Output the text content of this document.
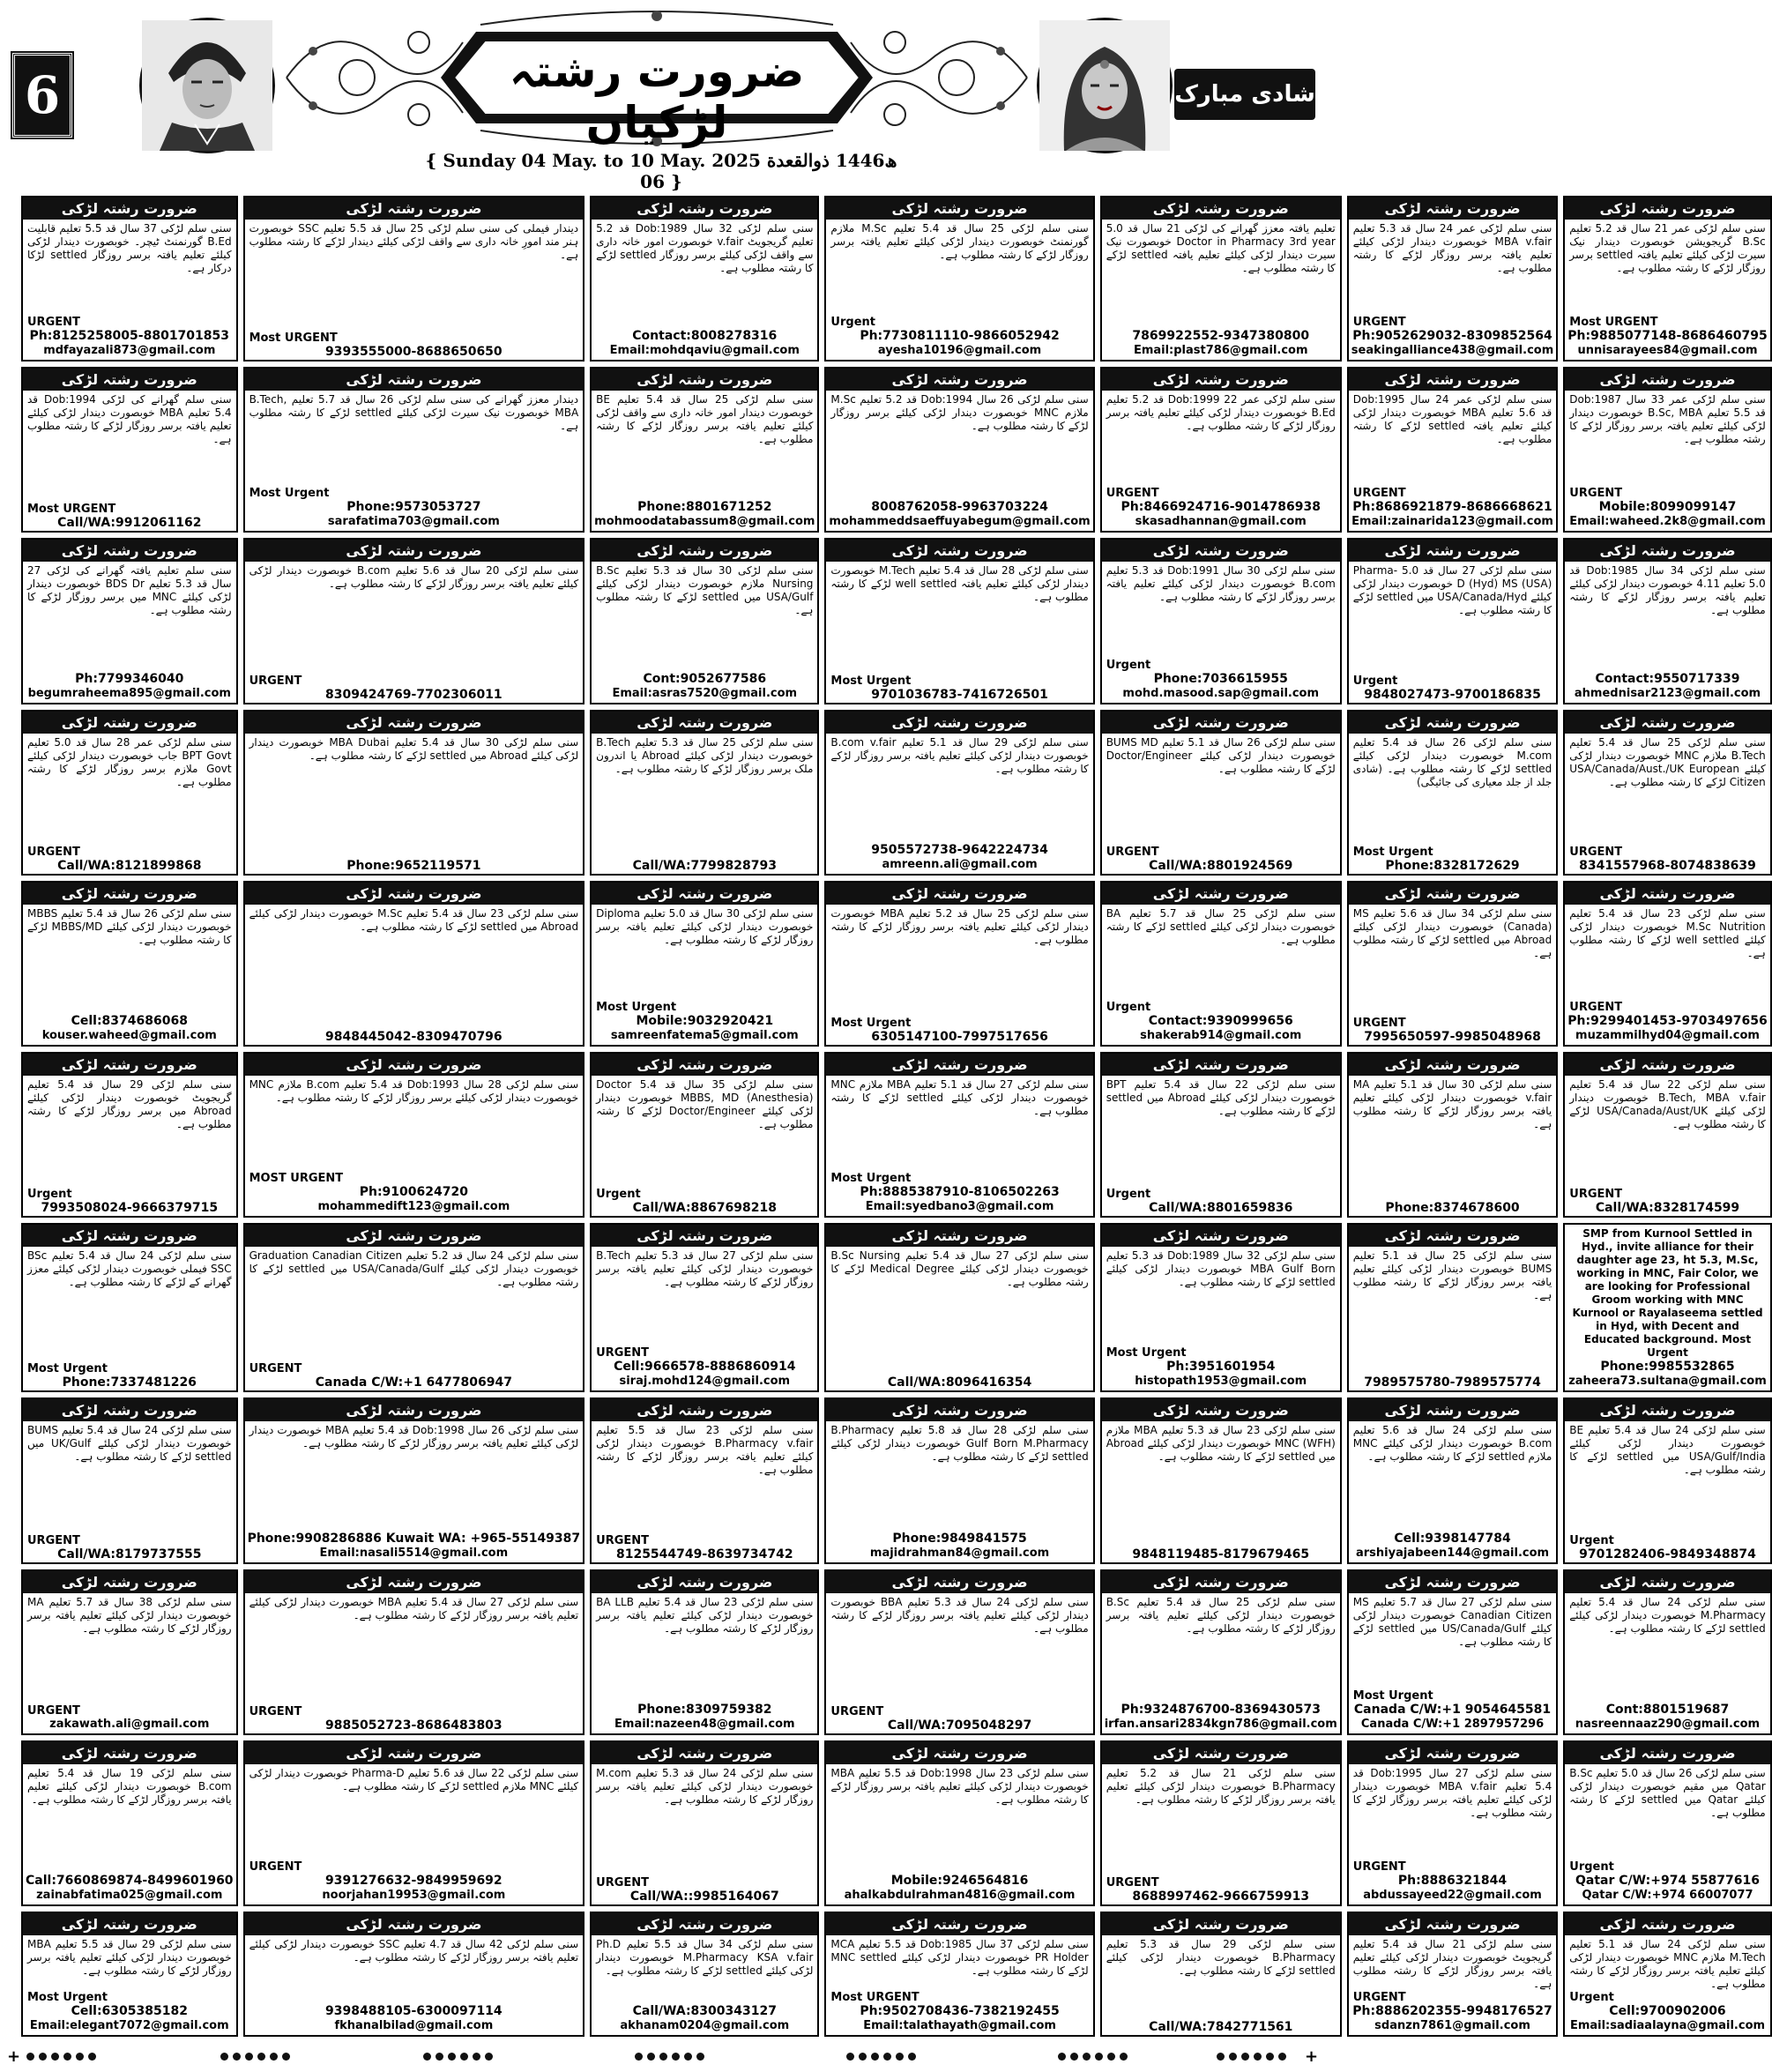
6	ضرورت رشتہ لڑکیاں
شادی مبارک
{ Sunday 04 May. to 10 May. 2025 ﮪ1446 ذوالقعدة 06 }
ضرورت رشتہ لڑکی
سنی سلم لڑکی 37 سال قد 5.5 تعلیم قابلیت B.Ed گورنمنٹ ٹیچر۔ خوبصورت دیندار لڑکی کیلئے تعلیم یافتہ برسر روزگار settled لڑکا درکار ہے۔
URGENT
Ph:8125258005-8801701853
mdfayazali873@gmail.com
ضرورت رشتہ لڑکی
دیندار فیملی کی سنی سلم لڑکی 25 سال قد 5.5 تعلیم SSC خوبصورت ہنر مند امورِ خانہ داری سے واقف لڑکی کیلئے دیندار لڑکے کا رشتہ مطلوب ہے۔
Most URGENT
9393555000-8688650650
ضرورت رشتہ لڑکی
سنی سلم لڑکی 32 سال Dob:1989 قد 5.2 تعلیم گریجویٹ v.fair خوبصورت امور خانہ داری سے واقف لڑکی کیلئے برسر روزگار settled لڑکے کا رشتہ مطلوب ہے۔
Contact:8008278316
Email:mohdqaviu@gmail.com
ضرورت رشتہ لڑکی
سنی سلم لڑکی 25 سال قد 5.4 تعلیم M.Sc ملازم گورنمنٹ خوبصورت دیندار لڑکی کیلئے تعلیم یافتہ برسر روزگار لڑکے کا رشتہ مطلوب ہے۔
Urgent
Ph:7730811110-9866052942
ayesha10196@gmail.com
ضرورت رشتہ لڑکی
تعلیم یافتہ معزز گھرانے کی لڑکی 21 سال قد 5.0 Doctor in Pharmacy 3rd year خوبصورت نیک سیرت دیندار لڑکی کیلئے تعلیم یافتہ settled لڑکے کا رشتہ مطلوب ہے۔
7869922552-9347380800
Email:plast786@gmail.com
ضرورت رشتہ لڑکی
سنی سلم لڑکی عمر 24 سال قد 5.3 تعلیم MBA v.fair خوبصورت دیندار لڑکی کیلئے تعلیم یافتہ برسر روزگار لڑکے کا رشتہ مطلوب ہے۔
URGENT
Ph:9052629032-8309852564
seakingalliance438@gmail.com
ضرورت رشتہ لڑکی
سنی سلم لڑکی عمر 21 سال قد 5.2 تعلیم B.Sc گریجویشن خوبصورت دیندار نیک سیرت لڑکی کیلئے تعلیم یافتہ settled برسر روزگار لڑکے کا رشتہ مطلوب ہے۔
Most URGENT
Ph:9885077148-8686460795
unnisarayees84@gmail.com
ضرورت رشتہ لڑکی
سنی سلم گھرانے کی لڑکی Dob:1994 قد 5.4 تعلیم MBA خوبصورت دیندار لڑکی کیلئے تعلیم یافتہ برسر روزگار لڑکے کا رشتہ مطلوب ہے۔
Most URGENT
Call/WA:9912061162
ضرورت رشتہ لڑکی
دیندار معزز گھرانے کی سنی سلم لڑکی 26 سال قد 5.7 تعلیم B.Tech, MBA خوبصورت نیک سیرت لڑکی کیلئے settled لڑکے کا رشتہ مطلوب ہے۔
Most Urgent
Phone:9573053727
sarafatima703@gmail.com
ضرورت رشتہ لڑکی
سنی سلم لڑکی 25 سال قد 5.4 تعلیم BE خوبصورت دیندار امور خانہ داری سے واقف لڑکی کیلئے تعلیم یافتہ برسر روزگار لڑکے کا رشتہ مطلوب ہے۔
Phone:8801671252
mohmoodatabassum8@gmail.com
ضرورت رشتہ لڑکی
سنی سلم لڑکی 26 سال Dob:1994 قد 5.2 تعلیم M.Sc ملازم MNC خوبصورت دیندار لڑکی کیلئے برسر روزگار لڑکے کا رشتہ مطلوب ہے۔
8008762058-9963703224
mohammeddsaeffuyabegum@gmail.com
ضرورت رشتہ لڑکی
سنی سلم لڑکی عمر 22 Dob:1999 قد 5.2 تعلیم B.Ed خوبصورت دیندار لڑکی کیلئے تعلیم یافتہ برسر روزگار لڑکے کا رشتہ مطلوب ہے۔
URGENT
Ph:8466924716-9014786938
skasadhannan@gmail.com
ضرورت رشتہ لڑکی
سنی سلم لڑکی عمر 24 سال Dob:1995 قد 5.6 تعلیم MBA خوبصورت دیندار لڑکی کیلئے تعلیم یافتہ settled لڑکے کا رشتہ مطلوب ہے۔
URGENT
Ph:8686921879-8686668621
Email:zainarida123@gmail.com
ضرورت رشتہ لڑکی
سنی سلم لڑکی عمر 33 سال Dob:1987 قد 5.5 تعلیم B.Sc, MBA خوبصورت دیندار لڑکی کیلئے تعلیم یافتہ برسر روزگار لڑکے کا رشتہ مطلوب ہے۔
URGENT
Mobile:8099099147
Email:waheed.2k8@gmail.com
ضرورت رشتہ لڑکی
سنی سلم تعلیم یافتہ گھرانے کی لڑکی 27 سال قد 5.3 تعلیم BDS Dr خوبصورت دیندار لڑکی کیلئے MNC میں برسر روزگار لڑکے کا رشتہ مطلوب ہے۔
Ph:7799346040
begumraheema895@gmail.com
ضرورت رشتہ لڑکی
سنی سلم لڑکی 20 سال قد 5.6 تعلیم B.com خوبصورت دیندار لڑکی کیلئے تعلیم یافتہ برسر روزگار لڑکے کا رشتہ مطلوب ہے۔
URGENT
8309424769-7702306011
ضرورت رشتہ لڑکی
سنی سلم لڑکی 30 سال قد 5.3 تعلیم B.Sc Nursing ملازم خوبصورت دیندار لڑکی کیلئے USA/Gulf میں settled لڑکے کا رشتہ مطلوب ہے۔
Cont:9052677586
Email:asras7520@gmail.com
ضرورت رشتہ لڑکی
سنی سلم لڑکی 28 سال قد 5.4 تعلیم M.Tech خوبصورت دیندار لڑکی کیلئے تعلیم یافتہ well settled لڑکے کا رشتہ مطلوب ہے۔
Most Urgent
9701036783-7416726501
ضرورت رشتہ لڑکی
سنی سلم لڑکی 30 سال Dob:1991 قد 5.3 تعلیم B.com خوبصورت دیندار لڑکی کیلئے تعلیم یافتہ برسر روزگار لڑکے کا رشتہ مطلوب ہے۔
Urgent
Phone:7036615955
mohd.masood.sap@gmail.com
ضرورت رشتہ لڑکی
سنی سلم لڑکی 27 سال قد 5.0 Pharma-D (Hyd) MS (USA) خوبصورت دیندار لڑکی کیلئے USA/Canada/Hyd میں settled لڑکے کا رشتہ مطلوب ہے۔
Urgent
9848027473-9700186835
ضرورت رشتہ لڑکی
سنی سلم لڑکی 34 سال Dob:1985 قد 5.0 تعلیم 4.11 خوبصورت دیندار لڑکی کیلئے تعلیم یافتہ برسر روزگار لڑکے کا رشتہ مطلوب ہے۔
Contact:9550717339
ahmednisar2123@gmail.com
ضرورت رشتہ لڑکی
سنی سلم لڑکی عمر 28 سال قد 5.0 تعلیم BPT Govt جاب خوبصورت دیندار لڑکی کیلئے Govt ملازم برسر روزگار لڑکے کا رشتہ مطلوب ہے۔
URGENT
Call/WA:8121899868
ضرورت رشتہ لڑکی
سنی سلم لڑکی 30 سال قد 5.4 تعلیم MBA Dubai خوبصورت دیندار لڑکی کیلئے Abroad میں settled لڑکے کا رشتہ مطلوب ہے۔
Phone:9652119571
ضرورت رشتہ لڑکی
سنی سلم لڑکی 25 سال قد 5.3 تعلیم B.Tech خوبصورت دیندار لڑکی کیلئے Abroad یا اندرون ملک برسر روزگار لڑکے کا رشتہ مطلوب ہے۔
Call/WA:7799828793
ضرورت رشتہ لڑکی
سنی سلم لڑکی 29 سال قد 5.1 تعلیم B.com v.fair خوبصورت دیندار لڑکی کیلئے تعلیم یافتہ برسر روزگار لڑکے کا رشتہ مطلوب ہے۔
9505572738-9642224734
amreenn.ali@gmail.com
ضرورت رشتہ لڑکی
سنی سلم لڑکی 26 سال قد 5.1 تعلیم BUMS MD خوبصورت دیندار لڑکی کیلئے Doctor/Engineer لڑکے کا رشتہ مطلوب ہے۔
URGENT
Call/WA:8801924569
ضرورت رشتہ لڑکی
سنی سلم لڑکی 26 سال قد 5.4 تعلیم M.com خوبصورت دیندار لڑکی کیلئے settled لڑکے کا رشتہ مطلوب ہے۔ (شادی جلد از جلد معیاری کی جائیگی)
Most Urgent
Phone:8328172629
ضرورت رشتہ لڑکی
سنی سلم لڑکی 25 سال قد 5.4 تعلیم B.Tech ملازم MNC خوبصورت دیندار لڑکی کیلئے USA/Canada/Aust./UK European Citizen لڑکے کا رشتہ مطلوب ہے۔
URGENT
8341557968-8074838639
ضرورت رشتہ لڑکی
سنی سلم لڑکی 26 سال قد 5.4 تعلیم MBBS خوبصورت دیندار لڑکی کیلئے MBBS/MD لڑکے کا رشتہ مطلوب ہے۔
Cell:8374686068
kouser.waheed@gmail.com
ضرورت رشتہ لڑکی
سنی سلم لڑکی 23 سال قد 5.4 تعلیم M.Sc خوبصورت دیندار لڑکی کیلئے Abroad میں settled لڑکے کا رشتہ مطلوب ہے۔
9848445042-8309470796
ضرورت رشتہ لڑکی
سنی سلم لڑکی 30 سال قد 5.0 تعلیم Diploma خوبصورت دیندار لڑکی کیلئے تعلیم یافتہ برسر روزگار لڑکے کا رشتہ مطلوب ہے۔
Most Urgent
Mobile:9032920421
samreenfatema5@gmail.com
ضرورت رشتہ لڑکی
سنی سلم لڑکی 25 سال قد 5.2 تعلیم MBA خوبصورت دیندار لڑکی کیلئے تعلیم یافتہ برسر روزگار لڑکے کا رشتہ مطلوب ہے۔
Most Urgent
6305147100-7997517656
ضرورت رشتہ لڑکی
سنی سلم لڑکی 25 سال قد 5.7 تعلیم BA خوبصورت دیندار لڑکی کیلئے settled لڑکے کا رشتہ مطلوب ہے۔
Urgent
Contact:9390999656
shakerab914@gmail.com
ضرورت رشتہ لڑکی
سنی سلم لڑکی 34 سال قد 5.6 تعلیم MS (Canada) خوبصورت دیندار لڑکی کیلئے Abroad میں settled لڑکے کا رشتہ مطلوب ہے۔
URGENT
7995650597-9985048968
ضرورت رشتہ لڑکی
سنی سلم لڑکی 23 سال قد 5.4 تعلیم M.Sc Nutrition خوبصورت دیندار لڑکی کیلئے well settled لڑکے کا رشتہ مطلوب ہے۔
URGENT
Ph:9299401453-9703497656
muzammilhyd04@gmail.com
ضرورت رشتہ لڑکی
سنی سلم لڑکی 29 سال قد 5.4 تعلیم گریجویٹ خوبصورت دیندار لڑکی کیلئے Abroad میں برسر روزگار لڑکے کا رشتہ مطلوب ہے۔
Urgent
7993508024-9666379715
ضرورت رشتہ لڑکی
سنی سلم لڑکی 28 سال Dob:1993 قد 5.4 تعلیم B.com ملازم MNC خوبصورت دیندار لڑکی کیلئے برسر روزگار لڑکے کا رشتہ مطلوب ہے۔
MOST URGENT
Ph:9100624720
mohammedift123@gmail.com
ضرورت رشتہ لڑکی
سنی سلم لڑکی 35 سال قد 5.4 Doctor MBBS, MD (Anesthesia) خوبصورت دیندار لڑکی کیلئے Doctor/Engineer لڑکے کا رشتہ مطلوب ہے۔
Urgent
Call/WA:8867698218
ضرورت رشتہ لڑکی
سنی سلم لڑکی 27 سال قد 5.1 تعلیم MBA ملازم MNC خوبصورت دیندار لڑکی کیلئے settled لڑکے کا رشتہ مطلوب ہے۔
Most Urgent
Ph:8885387910-8106502263
Email:syedbano3@gmail.com
ضرورت رشتہ لڑکی
سنی سلم لڑکی 22 سال قد 5.4 تعلیم BPT خوبصورت دیندار لڑکی کیلئے Abroad میں settled لڑکے کا رشتہ مطلوب ہے۔
Urgent
Call/WA:8801659836
ضرورت رشتہ لڑکی
سنی سلم لڑکی 30 سال قد 5.1 تعلیم MA v.fair خوبصورت دیندار لڑکی کیلئے تعلیم یافتہ برسر روزگار لڑکے کا رشتہ مطلوب ہے۔
Phone:8374678600
ضرورت رشتہ لڑکی
سنی سلم لڑکی 22 سال قد 5.4 تعلیم B.Tech, MBA v.fair خوبصورت دیندار لڑکی کیلئے USA/Canada/Aust/UK لڑکے کا رشتہ مطلوب ہے۔
URGENT
Call/WA:8328174599
ضرورت رشتہ لڑکی
سنی سلم لڑکی 24 سال قد 5.4 تعلیم BSc SSC فیملی خوبصورت دیندار لڑکی کیلئے معزز گھرانے کے لڑکے کا رشتہ مطلوب ہے۔
Most Urgent
Phone:7337481226
ضرورت رشتہ لڑکی
سنی سلم لڑکی 24 سال قد 5.2 تعلیم Graduation Canadian Citizen خوبصورت دیندار لڑکی کیلئے USA/Canada/Gulf میں settled لڑکے کا رشتہ مطلوب ہے۔
URGENT
Canada C/W:+1 6477806947
ضرورت رشتہ لڑکی
سنی سلم لڑکی 27 سال قد 5.3 تعلیم B.Tech خوبصورت دیندار لڑکی کیلئے تعلیم یافتہ برسر روزگار لڑکے کا رشتہ مطلوب ہے۔
URGENT
Cell:9666578-8886860914
siraj.mohd124@gmail.com
ضرورت رشتہ لڑکی
سنی سلم لڑکی 27 سال قد 5.4 تعلیم B.Sc Nursing خوبصورت دیندار لڑکی کیلئے Medical Degree لڑکے کا رشتہ مطلوب ہے۔
Call/WA:8096416354
ضرورت رشتہ لڑکی
سنی سلم لڑکی 32 سال Dob:1989 قد 5.3 تعلیم MBA Gulf Born خوبصورت دیندار لڑکی کیلئے settled لڑکے کا رشتہ مطلوب ہے۔
Most Urgent
Ph:3951601954
histopath1953@gmail.com
ضرورت رشتہ لڑکی
سنی سلم لڑکی 25 سال قد 5.1 تعلیم BUMS خوبصورت دیندار لڑکی کیلئے تعلیم یافتہ برسر روزگار لڑکے کا رشتہ مطلوب ہے۔
7989575780-7989575774
SMP from Kurnool Settled in Hyd., invite alliance for their daughter age 23, ht 5.3, M.Sc, working in MNC, Fair Color, we are looking for Professional Groom working with MNC Kurnool or Rayalaseema settled in Hyd, with Decent and Educated background. Most Urgent
Phone:9985532865
zaheera73.sultana@gmail.com
ضرورت رشتہ لڑکی
سنی سلم لڑکی 24 سال قد 5.4 تعلیم BUMS خوبصورت دیندار لڑکی کیلئے UK/Gulf میں settled لڑکے کا رشتہ مطلوب ہے۔
URGENT
Call/WA:8179737555
ضرورت رشتہ لڑکی
سنی سلم لڑکی 26 سال Dob:1998 قد 5.4 تعلیم MBA خوبصورت دیندار لڑکی کیلئے تعلیم یافتہ برسر روزگار لڑکے کا رشتہ مطلوب ہے۔
Phone:9908286886 Kuwait WA: +965-55149387
Email:nasali5514@gmail.com
ضرورت رشتہ لڑکی
سنی سلم لڑکی 23 سال قد 5.5 تعلیم B.Pharmacy v.fair خوبصورت دیندار لڑکی کیلئے تعلیم یافتہ برسر روزگار لڑکے کا رشتہ مطلوب ہے۔
URGENT
8125544749-8639734742
ضرورت رشتہ لڑکی
سنی سلم لڑکی 28 سال قد 5.8 تعلیم B.Pharmacy Gulf Born M.Pharmacy خوبصورت دیندار لڑکی کیلئے settled لڑکے کا رشتہ مطلوب ہے۔
Phone:9849841575
majidrahman84@gmail.com
ضرورت رشتہ لڑکی
سنی سلم لڑکی 23 سال قد 5.3 تعلیم MBA ملازم MNC (WFH) خوبصورت دیندار لڑکی کیلئے Abroad میں settled لڑکے کا رشتہ مطلوب ہے۔
9848119485-8179679465
ضرورت رشتہ لڑکی
سنی سلم لڑکی 24 سال قد 5.6 تعلیم B.com خوبصورت دیندار لڑکی کیلئے MNC ملازم settled لڑکے کا رشتہ مطلوب ہے۔
Cell:9398147784
arshiyajabeen144@gmail.com
ضرورت رشتہ لڑکی
سنی سلم لڑکی 24 سال قد 5.4 تعلیم BE خوبصورت دیندار لڑکی کیلئے USA/Gulf/India میں settled لڑکے کا رشتہ مطلوب ہے۔
Urgent
9701282406-9849348874
ضرورت رشتہ لڑکی
سنی سلم لڑکی 38 سال قد 5.7 تعلیم MA خوبصورت دیندار لڑکی کیلئے تعلیم یافتہ برسر روزگار لڑکے کا رشتہ مطلوب ہے۔
URGENT
zakawath.ali@gmail.com
ضرورت رشتہ لڑکی
سنی سلم لڑکی 27 سال قد 5.4 تعلیم MBA خوبصورت دیندار لڑکی کیلئے تعلیم یافتہ برسر روزگار لڑکے کا رشتہ مطلوب ہے۔
URGENT
9885052723-8686483803
ضرورت رشتہ لڑکی
سنی سلم لڑکی 23 سال قد 5.4 تعلیم BA LLB خوبصورت دیندار لڑکی کیلئے تعلیم یافتہ برسر روزگار لڑکے کا رشتہ مطلوب ہے۔
Phone:8309759382
Email:nazeen48@gmail.com
ضرورت رشتہ لڑکی
سنی سلم لڑکی 24 سال قد 5.3 تعلیم BBA خوبصورت دیندار لڑکی کیلئے تعلیم یافتہ برسر روزگار لڑکے کا رشتہ مطلوب ہے۔
URGENT
Call/WA:7095048297
ضرورت رشتہ لڑکی
سنی سلم لڑکی 25 سال قد 5.4 تعلیم B.Sc خوبصورت دیندار لڑکی کیلئے تعلیم یافتہ برسر روزگار لڑکے کا رشتہ مطلوب ہے۔
Ph:9324876700-8369430573
irfan.ansari2834kgn786@gmail.com
ضرورت رشتہ لڑکی
سنی سلم لڑکی 27 سال قد 5.7 تعلیم MS Canadian Citizen خوبصورت دیندار لڑکی کیلئے US/Canada/Gulf میں settled لڑکے کا رشتہ مطلوب ہے۔
Most Urgent
Canada C/W:+1 9054645581
Canada C/W:+1 2897957296
ضرورت رشتہ لڑکی
سنی سلم لڑکی 24 سال قد 5.4 تعلیم M.Pharmacy خوبصورت دیندار لڑکی کیلئے settled لڑکے کا رشتہ مطلوب ہے۔
Cont:8801519687
nasreennaaz290@gmail.com
ضرورت رشتہ لڑکی
سنی سلم لڑکی 19 سال قد 5.4 تعلیم B.com خوبصورت دیندار لڑکی کیلئے تعلیم یافتہ برسر روزگار لڑکے کا رشتہ مطلوب ہے۔
Call:7660869874-8499601960
zainabfatima025@gmail.com
ضرورت رشتہ لڑکی
سنی سلم لڑکی 22 سال قد 5.6 تعلیم Pharma-D خوبصورت دیندار لڑکی کیلئے MNC ملازم settled لڑکے کا رشتہ مطلوب ہے۔
URGENT
9391276632-9849959692
noorjahan19953@gmail.com
ضرورت رشتہ لڑکی
سنی سلم لڑکی 24 سال قد 5.3 تعلیم M.com خوبصورت دیندار لڑکی کیلئے تعلیم یافتہ برسر روزگار لڑکے کا رشتہ مطلوب ہے۔
URGENT
Call/WA::9985164067
ضرورت رشتہ لڑکی
سنی سلم لڑکی 23 سال Dob:1998 قد 5.5 تعلیم MBA خوبصورت دیندار لڑکی کیلئے تعلیم یافتہ برسر روزگار لڑکے کا رشتہ مطلوب ہے۔
Mobile:9246564816
ahalkabdulrahman4816@gmail.com
ضرورت رشتہ لڑکی
سنی سلم لڑکی 21 سال قد 5.2 تعلیم B.Pharmacy خوبصورت دیندار لڑکی کیلئے تعلیم یافتہ برسر روزگار لڑکے کا رشتہ مطلوب ہے۔
URGENT
8688997462-9666759913
ضرورت رشتہ لڑکی
سنی سلم لڑکی 27 سال Dob:1995 قد 5.4 تعلیم MBA v.fair خوبصورت دیندار لڑکی کیلئے تعلیم یافتہ برسر روزگار لڑکے کا رشتہ مطلوب ہے۔
URGENT
Ph:8886321844
abdussayeed22@gmail.com
ضرورت رشتہ لڑکی
سنی سلم لڑکی 26 سال قد 5.0 تعلیم B.Sc Qatar میں مقیم خوبصورت دیندار لڑکی کیلئے Qatar میں settled لڑکے کا رشتہ مطلوب ہے۔
Urgent
Qatar C/W:+974 55877616
Qatar C/W:+974 66007077
ضرورت رشتہ لڑکی
سنی سلم لڑکی 29 سال قد 5.5 تعلیم MBA خوبصورت دیندار لڑکی کیلئے تعلیم یافتہ برسر روزگار لڑکے کا رشتہ مطلوب ہے۔
Most Urgent
Cell:6305385182
Email:elegant7072@gmail.com
ضرورت رشتہ لڑکی
سنی سلم لڑکی 42 سال قد 4.7 تعلیم SSC خوبصورت دیندار لڑکی کیلئے تعلیم یافتہ برسر روزگار لڑکے کا رشتہ مطلوب ہے۔
9398488105-6300097114
fkhanalbilad@gmail.com
ضرورت رشتہ لڑکی
سنی سلم لڑکی 34 سال قد 5.5 تعلیم Ph.D M.Pharmacy KSA v.fair خوبصورت دیندار لڑکی کیلئے settled لڑکے کا رشتہ مطلوب ہے۔
Call/WA:8300343127
akhanam0204@gmail.com
ضرورت رشتہ لڑکی
سنی سلم لڑکی 37 سال Dob:1985 قد 5.5 تعلیم MCA PR Holder خوبصورت دیندار لڑکی کیلئے MNC settled لڑکے کا رشتہ مطلوب ہے۔
Most URGENT
Ph:9502708436-7382192455
Email:talathayath@gmail.com
ضرورت رشتہ لڑکی
سنی سلم لڑکی 29 سال قد 5.3 تعلیم B.Pharmacy خوبصورت دیندار لڑکی کیلئے settled لڑکے کا رشتہ مطلوب ہے۔
Call/WA:7842771561
ضرورت رشتہ لڑکی
سنی سلم لڑکی 21 سال قد 5.4 تعلیم گریجویٹ خوبصورت دیندار لڑکی کیلئے تعلیم یافتہ برسر روزگار لڑکے کا رشتہ مطلوب ہے۔
URGENT
Ph:8886202355-9948176527
sdanzn7861@gmail.com
ضرورت رشتہ لڑکی
سنی سلم لڑکی 24 سال قد 5.1 تعلیم M.Tech ملازم MNC خوبصورت دیندار لڑکی کیلئے تعلیم یافتہ برسر روزگار لڑکے کا رشتہ مطلوب ہے۔
Urgent
Cell:9700902006
Email:sadiaalayna@gmail.com
+	+
